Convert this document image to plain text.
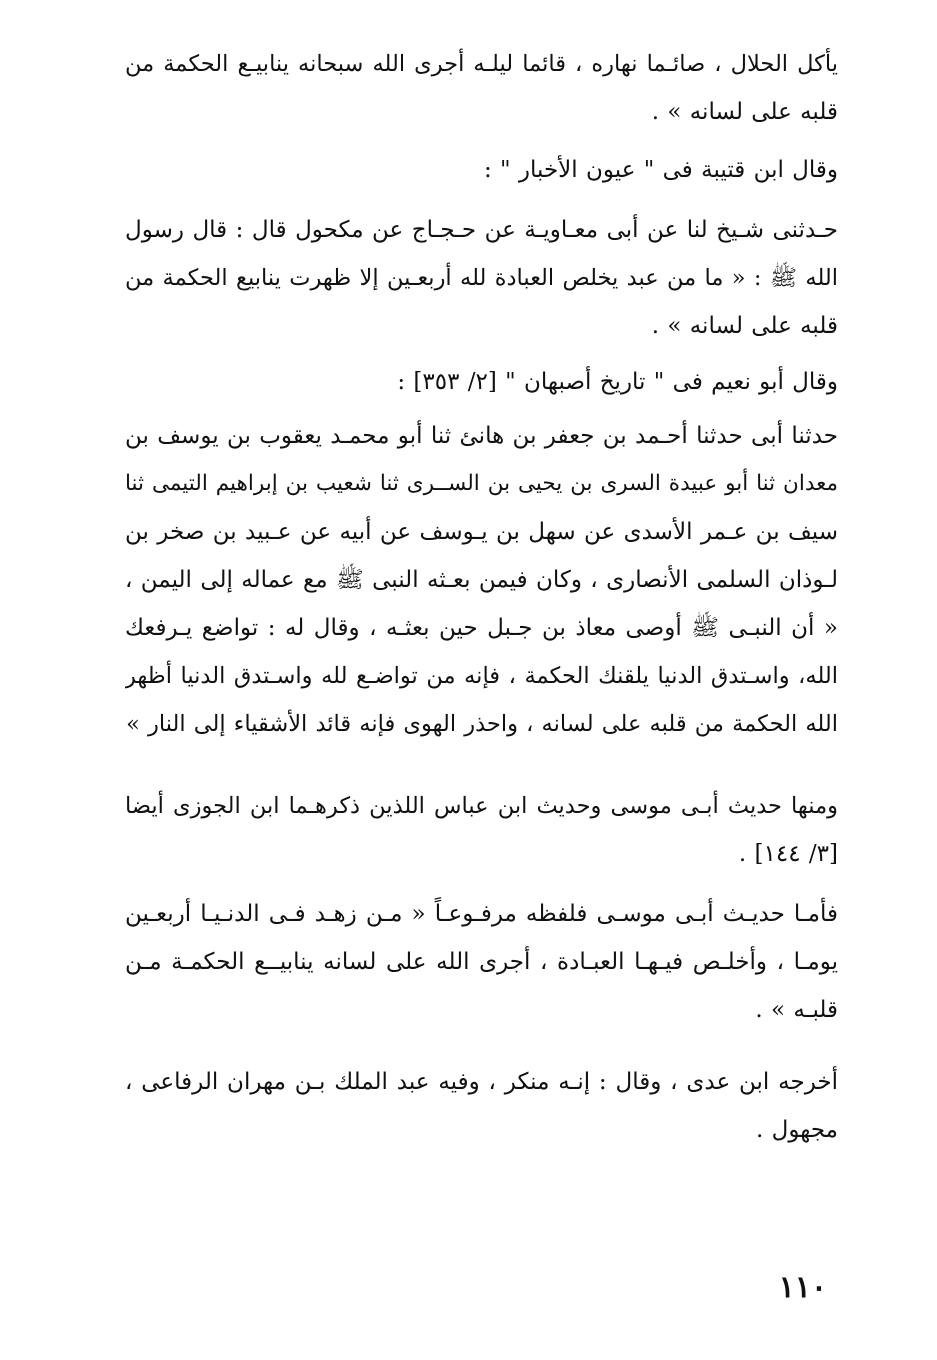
يأكل الحلال ، صائـما نهاره ، قائما ليلـه أجرى الله سبحانه ينابيـع الحكمة من
قلبه على لسانه » .
وقال ابن قتيبة فى " عيون الأخبار " :
حـدثنى شـيخ لنا عن أبى معـاويـة عن حـجـاج عن مكحول قال : قال رسول
الله ﷺ : « ما من عبد يخلص العبادة لله أربعـين إلا ظهرت ينابيع الحكمة من
قلبه على لسانه » .
وقال أبو نعيم فى " تاريخ أصبهان " [٢/ ٣٥٣] :
حدثنا أبى حدثنا أحـمد بن جعفر بن هانئ ثنا أبو محمـد يعقوب بن يوسف بن
معدان ثنا أبو عبيدة السرى بن يحيى بن الســرى ثنا شعيب بن إبراهيم التيمى ثنا
سيف بن عـمر الأسدى عن سهل بن يـوسف عن أبيه عن عـبيد بن صخر بن
لـوذان السلمى الأنصارى ، وكان فيمن بعـثه النبى ﷺ مع عماله إلى اليمن ،
« أن النبـى ﷺ أوصى معاذ بن جـبل حين بعثـه ، وقال له : تواضع يـرفعك
الله، واسـتدق الدنيا يلقنك الحكمة ، فإنه من تواضـع لله واسـتدق الدنيا أظهر
الله الحكمة من قلبه على لسانه ، واحذر الهوى فإنه قائد الأشقياء إلى النار »
ومنها حديث أبـى موسى وحديث ابن عباس اللذين ذكرهـما ابن الجوزى أيضا
[٣/ ١٤٤] .
فأمـا حديـث أبـى موسـى فلفظه مرفـوعـاً « مـن زهـد فـى الدنـيـا أربعـين
يومـا ، وأخلـص فيـهـا العبـادة ، أجرى الله على لسانه ينابيــع الحكمـة مـن
قلبـه » .
أخرجه ابن عدى ، وقال : إنـه منكر ، وفيه عبد الملك بـن مهران الرفاعى ،
مجهول .
١١٠
